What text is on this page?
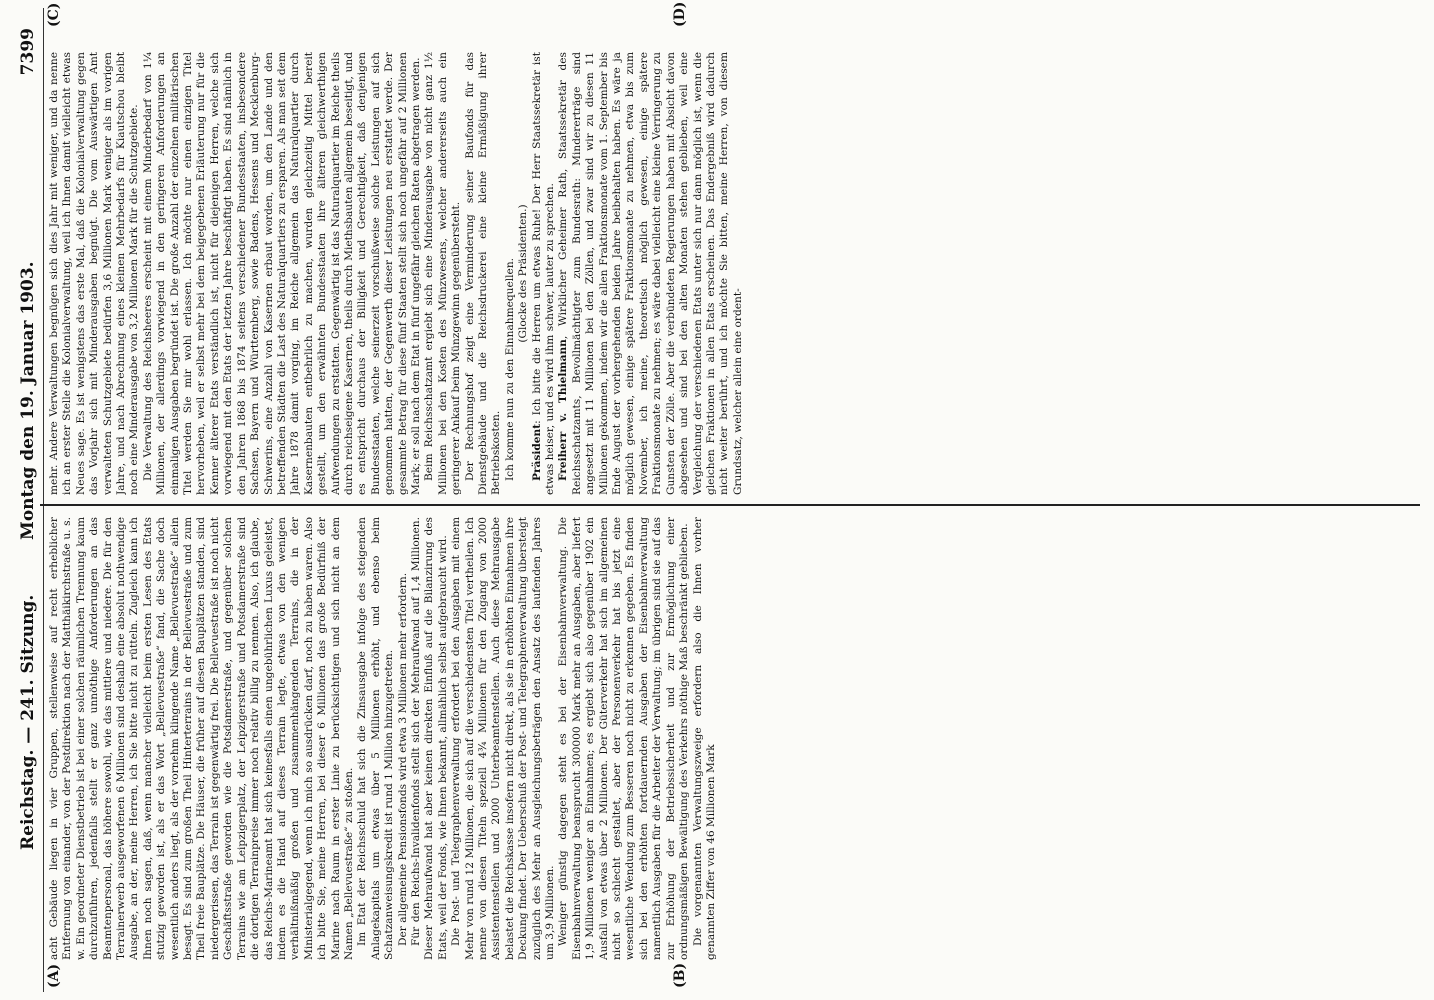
Reichstag. — 241. Sitzung.
Montag den 19. Januar 1903.
7399
(A)	(B)
(C)	(D)

acht Gebäude liegen in vier Gruppen, stellenweise auf recht erheblicher Entfernung von einander, von der Postdirektion nach der Matthäikirchstraße u. s. w. Ein geordneter Dienstbetrieb ist bei einer solchen räumlichen Trennung kaum durchzuführen, jedenfalls stellt er ganz unnöthige Anforderungen an das Beamtenpersonal, das höhere sowohl, wie das mittlere und niedere. Die für den Terrainerwerb ausgeworfenen 6 Millionen sind deshalb eine absolut nothwendige Ausgabe, an der, meine Herren, ich Sie bitte nicht zu rütteln. Zugleich kann ich Ihnen noch sagen, daß, wenn mancher vielleicht beim ersten Lesen des Etats stutzig geworden ist, als er das Wort „Bellevuestraße“ fand, die Sache doch wesentlich anders liegt, als der vornehm klingende Name „Bellevuestraße“ allein besagt. Es sind zum großen Theil Hinterterrains in der Bellevuestraße und zum Theil freie Bauplätze. Die Häuser, die früher auf diesen Bauplätzen standen, sind niedergerissen, das Terrain ist gegenwärtig frei. Die Bellevuestraße ist noch nicht Geschäftsstraße geworden wie die Potsdamerstraße, und gegenüber solchen Terrains wie am Leipzigerplatz, der Leipzigerstraße und Potsdamerstraße sind die dortigen Terrainpreise immer noch relativ billig zu nennen. Also, ich glaube, das Reichs-Marineamt hat sich keinesfalls einen ungebührlichen Luxus geleistet, indem es die Hand auf dieses Terrain legte, etwas von den wenigen verhältnißmäßig großen und zusammenhängenden Terrains, die in der Ministerialgegend, wenn ich mich so ausdrücken darf, noch zu haben waren. Also ich bitte Sie, meine Herren, bei dieser 6 Millionen das große Bedürfniß der Marine nach Raum in erster Linie zu berücksichtigen und sich nicht an dem Namen „Bellevuestraße“ zu stoßen. Im Etat der Reichsschuld hat sich die Zinsausgabe infolge des steigenden Anlagekapitals um etwas über 5 Millionen erhöht, und ebenso beim Schatzanweisungskredit ist rund 1 Million hinzugetreten. Der allgemeine Pensionsfonds wird etwa 3 Millionen mehr erfordern. Für den Reichs-Invalidenfonds stellt sich der Mehraufwand auf 1,4 Millionen. Dieser Mehraufwand hat aber keinen direkten Einfluß auf die Bilanzirung des Etats, weil der Fonds, wie Ihnen bekannt, allmählich selbst aufgebraucht wird. Die Post- und Telegraphenverwaltung erfordert bei den Ausgaben mit einem Mehr von rund 12 Millionen, die sich auf die verschiedensten Titel vertheilen. Ich nenne von diesen Titeln speziell 4¾ Millionen für den Zugang von 2000 Assistentenstellen und 2000 Unterbeamtenstellen. Auch diese Mehrausgabe belastet die Reichskasse insofern nicht direkt, als sie in erhöhten Einnahmen ihre Deckung findet. Der Ueberschuß der Post- und Telegraphenverwaltung übersteigt zuzüglich des Mehr an Ausgleichungsbeträgen den Ansatz des laufenden Jahres um 3,9 Millionen. Weniger günstig dagegen steht es bei der Eisenbahnverwaltung. Die Eisenbahnverwaltung beansprucht 300000 Mark mehr an Ausgaben, aber liefert 1,9 Millionen weniger an Einnahmen; es ergiebt sich also gegenüber 1902 ein Ausfall von etwas über 2 Millionen. Der Güterverkehr hat sich im allgemeinen nicht so schlecht gestaltet, aber der Personenverkehr hat bis jetzt eine wesentliche Wendung zum Besseren noch nicht zu erkennen gegeben. Es finden sich bei den erhöhten fortdauernden Ausgaben der Eisenbahnverwaltung namentlich Ausgaben für die Arbeiter der Verwaltung; im übrigen sind sie auf das zur Erhöhung der Betriebssicherheit und zur Ermöglichung einer ordnungsmäßigen Bewältigung des Verkehrs nöthige Maß beschränkt geblieben. Die vorgenannten Verwaltungszweige erfordern also die Ihnen vorher genannten Ziffer von 46 Millionen Mark

mehr. Andere Verwaltungen begnügen sich dies Jahr mit weniger, und da nenne ich an erster Stelle die Kolonialverwaltung, weil ich Ihnen damit vielleicht etwas Neues sage. Es ist wenigstens das erste Mal, daß die Kolonialverwaltung gegen das Vorjahr sich mit Minderausgaben begnügt. Die vom Auswärtigen Amt verwalteten Schutzgebiete bedürfen 3,6 Millionen Mark weniger als im vorigen Jahre, und nach Abrechnung eines kleinen Mehrbedarfs für Kiautschou bleibt noch eine Minderausgabe von 3,2 Millionen Mark für die Schutzgebiete. Die Verwaltung des Reichsheeres erscheint mit einem Minderbedarf von 1¼ Millionen, der allerdings vorwiegend in den geringeren Anforderungen an einmaligen Ausgaben begründet ist. Die große Anzahl der einzelnen militärischen Titel werden Sie mir wohl erlassen. Ich möchte nur einen einzigen Titel hervorheben, weil er selbst mehr bei dem beigegebenen Erläuterung nur für die Kenner älterer Etats verständlich ist, nicht für diejenigen Herren, welche sich vorwiegend mit den Etats der letzten Jahre beschäftigt haben. Es sind nämlich in den Jahren 1868 bis 1874 seitens verschiedener Bundesstaaten, insbesondere Sachsen, Bayern und Württemberg, sowie Badens, Hessens und Mecklenburg-Schwerins, eine Anzahl von Kasernen erbaut worden, um den Lande und den betreffenden Städten die Last des Naturalquartiers zu ersparen. Als man seit dem Jahre 1878 damit vorging, im Reiche allgemein das Naturalquartier durch Kasernenbauten entbehrlich zu machen, wurden gleichzeitig Mittel bereit gestellt, um den erwähnten Bundesstaaten ihre älteren gleichwerthigen Aufwendungen zu erstatten. Gegenwärtig ist das Naturalquartier im Reiche theils durch reichseigene Kasernen, theils durch Miethsbauten allgemein beseitigt, und es entspricht durchaus der Billigkeit und Gerechtigkeit, daß denjenigen Bundesstaaten, welche seinerzeit vorschußweise solche Leistungen auf sich genommen hatten, der Gegenwerth dieser Leistungen neu erstattet werde. Der gesammte Betrag für diese fünf Staaten stellt sich noch ungefähr auf 2 Millionen Mark; er soll nach dem Etat in fünf ungefähr gleichen Raten abgetragen werden. Beim Reichsschatzamt ergiebt sich eine Minderausgabe von nicht ganz 1½ Millionen bei den Kosten des Münzwesens, welcher andererseits auch ein geringerer Ankauf beim Münzgewinn gegenübersteht. Der Rechnungshof zeigt eine Verminderung seiner Baufonds für das Dienstgebäude und die Reichsdruckerei eine kleine Ermäßigung ihrer Betriebskosten. Ich komme nun zu den Einnahmequellen. (Glocke des Präsidenten.)

Präsident: Ich bitte die Herren um etwas Ruhe! Der Herr Staatssekretär ist etwas heiser, und es wird ihm schwer, lauter zu sprechen. Freiherr v. Thielmann, Wirklicher Geheimer Rath, Staatssekretär des Reichsschatzamts, Bevollmächtigter zum Bundesrath: Mindererträge sind angesetzt mit 11 Millionen bei den Zöllen, und zwar sind wir zu diesen 11 Millionen gekommen, indem wir die allen Fraktionsmonate vom 1. September bis Ende August der vorhergehenden beiden Jahre beibehalten haben. Es wäre ja möglich gewesen, einige spätere Fraktionsmonate zu nehmen, etwa bis zum November, ich meine, theoretisch möglich gewesen, einige spätere Fraktionsmonate zu nehmen; es wäre dabei vielleicht eine kleine Verringerung zu Gunsten der Zölle. Aber die verbündeten Regierungen haben mit Absicht davon abgesehen und sind bei den alten Monaten stehen geblieben, weil eine Vergleichung der verschiedenen Etats unter sich nur dann möglich ist, wenn die gleichen Fraktionen in allen Etats erscheinen. Das Endergebniß wird dadurch nicht weiter berührt, und ich möchte Sie bitten, meine Herren, von diesem Grundsatz, welcher allein eine ordent-
